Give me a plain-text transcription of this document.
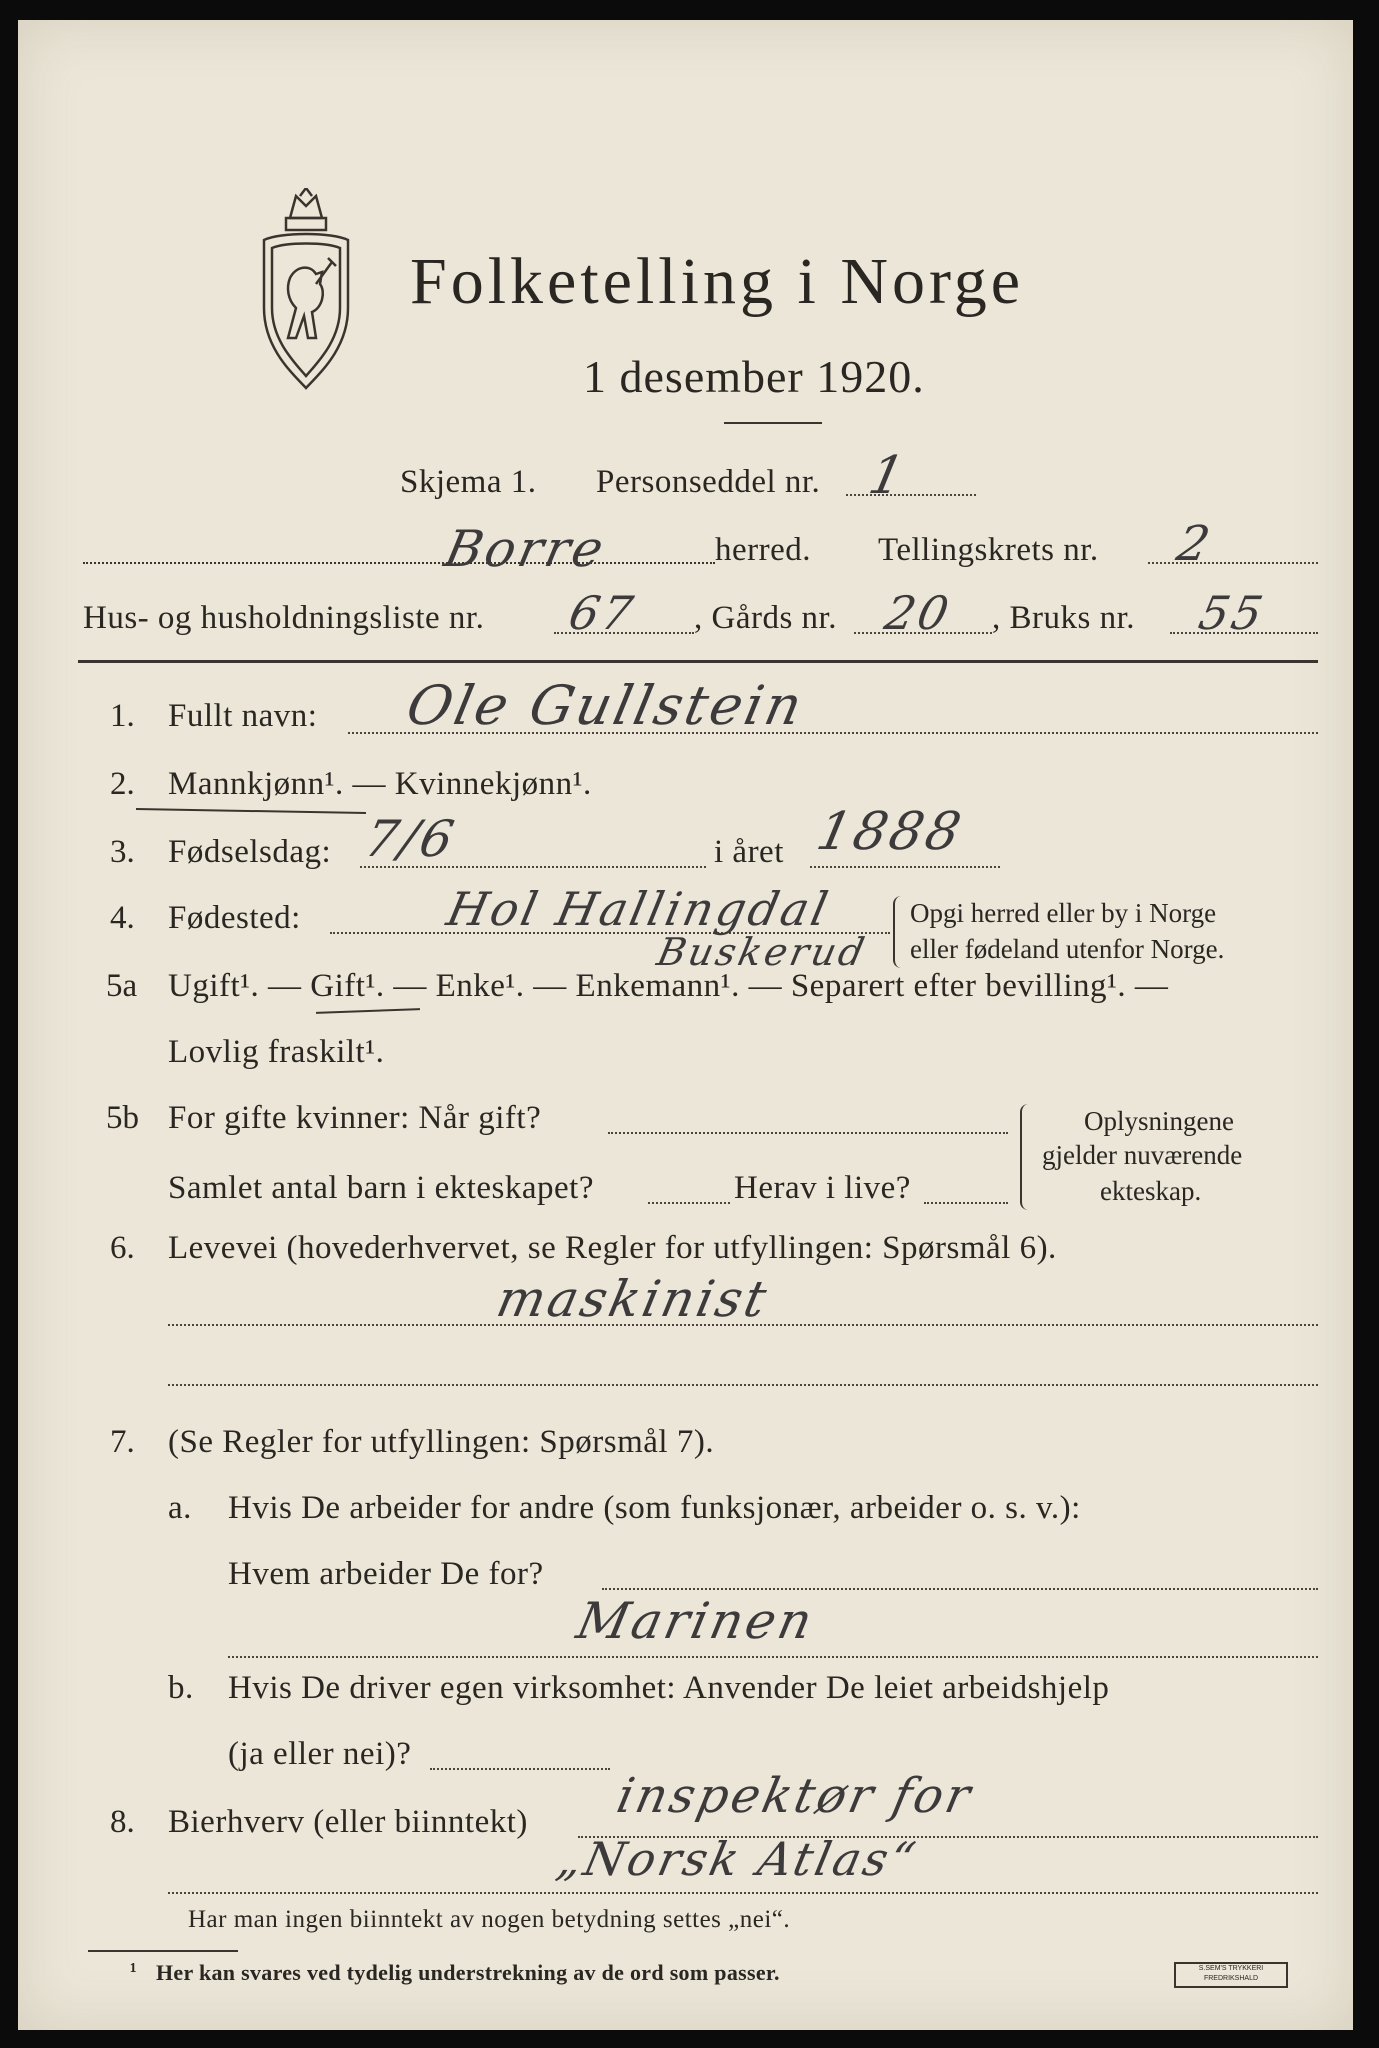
Folketelling i Norge
1 desember 1920.
Skjema 1. Personseddel nr. 1
Borre	herred. Tellingskrets nr. 2
Hus- og husholdningsliste nr. 67 , Gårds nr. 20 , Bruks nr. 55
1. Fullt navn: Ole Gullstein
2. Mannkjønn¹. — Kvinnekjønn¹.
3. Fødselsdag: 7/6	i året 1888
4. Fødested:	Hol Hallingdal
Buskerud
Opgi herred eller by i Norge
eller fødeland utenfor Norge.
5a Ugift¹. — Gift¹. — Enke¹. — Enkemann¹. — Separert efter bevilling¹. —
Lovlig fraskilt¹.
5b For gifte kvinner: Når gift?
Samlet antal barn i ekteskapet?	Herav i live?
Oplysningene
gjelder nuværende
ekteskap.
6. Levevei (hovederhvervet, se Regler for utfyllingen: Spørsmål 6).
maskinist
7. (Se Regler for utfyllingen: Spørsmål 7).
a. Hvis De arbeider for andre (som funksjonær, arbeider o. s. v.):
Hvem arbeider De for?
Marinen
b. Hvis De driver egen virksomhet: Anvender De leiet arbeidshjelp
(ja eller nei)?
8. Bierhverv (eller biinntekt) inspektør for
„Norsk Atlas“
Har man ingen biinntekt av nogen betydning settes „nei“.
¹ Her kan svares ved tydelig understrekning av de ord som passer.	S.SEM'S TRYKKERI
FREDRIKSHALD
